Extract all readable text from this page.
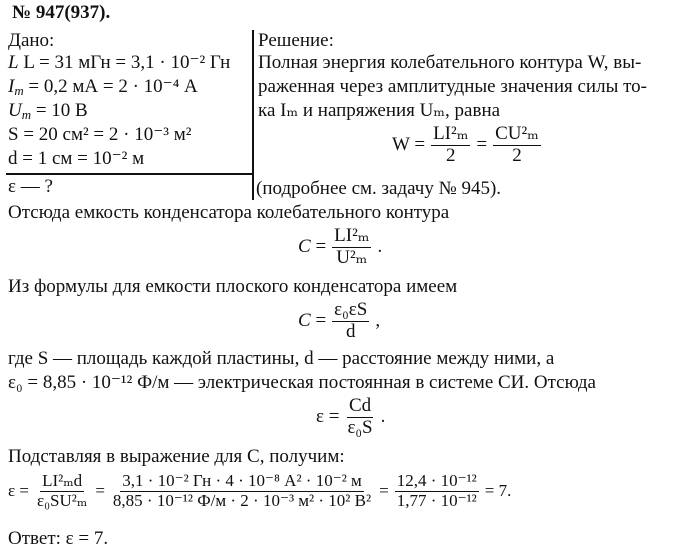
№ 947(937).
Дано:
L L = 31 мГн = 3,1 · 10⁻² Гн
$I_m = 0,2$ мА = 2 · 10⁻⁴ А
$U_m = 10$ В
S = 20 см² = 2 · 10⁻³ м²
d = 1 см = 10⁻² м
ε — ?
Решение:
Полная энергия колебательного контура W, вы-
раженная через амплитудные значения силы то-
ка Iₘ и напряжения Uₘ, равна
$W = \frac{\text{LI²ₘ}}{2} = \frac{\text{CU²ₘ}}{2}$
(подробнее см. задачу № 945).
Отсюда емкость конденсатора колебательного контура
$C = \frac{\text{LI²ₘ}}{\text{U²ₘ}}$ .
Из формулы для емкости плоского конденсатора имеем
$C = \frac{\text{ε₀εS}}{d}$ ,
где S — площадь каждой пластины, d — расстояние между ними, а
ε₀ = 8,85 · 10⁻¹² Ф/м — электрическая постоянная в системе СИ. Отсюда
$\varepsilon = \frac{Cd}{\text{ε₀S}}$ .
Подставляя в выражение для C, получим:
$\varepsilon = \frac{\text{LI²ₘd}}{\text{ε₀SU²ₘ}} = \frac{\text{3,1 · 10⁻² Гн · 4 · 10⁻⁸ А² · 10⁻² м}}{\text{8,85 · 10⁻¹² Ф/м · 2 · 10⁻³ м² · 10² В²}} = \frac{\text{12,4 · 10⁻¹²}}{\text{1,77 · 10⁻¹²}} = 7$.
Ответ: ε = 7.
